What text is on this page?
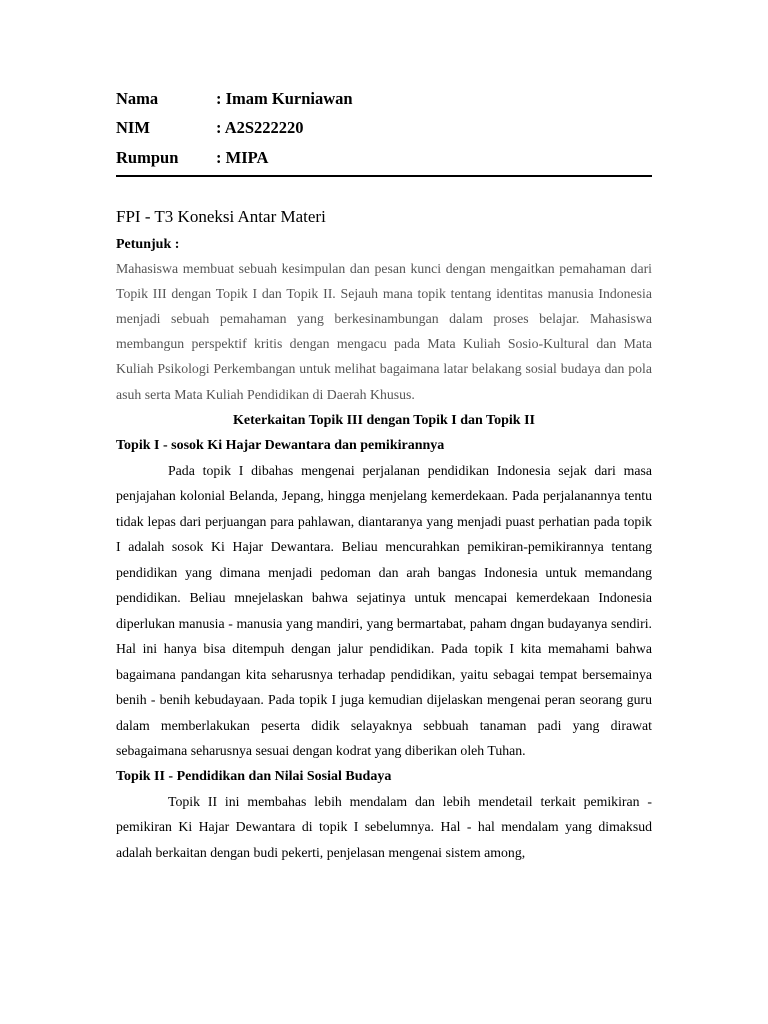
Nama	: Imam Kurniawan
NIM	: A2S222220
Rumpun	: MIPA
FPI - T3 Koneksi Antar Materi
Petunjuk :

Mahasiswa membuat sebuah kesimpulan dan pesan kunci dengan mengaitkan pemahaman dari Topik III dengan Topik I dan Topik II. Sejauh mana topik tentang identitas manusia Indonesia menjadi sebuah pemahaman yang berkesinambungan dalam proses belajar. Mahasiswa membangun perspektif kritis dengan mengacu pada Mata Kuliah Sosio-Kultural dan Mata Kuliah Psikologi Perkembangan untuk melihat bagaimana latar belakang sosial budaya dan pola asuh serta Mata Kuliah Pendidikan di Daerah Khusus.

Keterkaitan Topik III dengan Topik I dan Topik II
Topik I - sosok Ki Hajar Dewantara dan pemikirannya

Pada topik I dibahas mengenai perjalanan pendidikan Indonesia sejak dari masa penjajahan kolonial Belanda, Jepang, hingga menjelang kemerdekaan. Pada perjalanannya tentu tidak lepas dari perjuangan para pahlawan, diantaranya yang menjadi puast perhatian pada topik I adalah sosok Ki Hajar Dewantara. Beliau mencurahkan pemikiran-pemikirannya tentang pendidikan yang dimana menjadi pedoman dan arah bangas Indonesia untuk memandang pendidikan. Beliau mnejelaskan bahwa sejatinya untuk mencapai kemerdekaan Indonesia diperlukan manusia - manusia yang mandiri, yang bermartabat, paham dngan budayanya sendiri. Hal ini hanya bisa ditempuh dengan jalur pendidikan. Pada topik I kita memahami bahwa bagaimana pandangan kita seharusnya terhadap pendidikan, yaitu sebagai tempat bersemainya benih - benih kebudayaan. Pada topik I juga kemudian dijelaskan mengenai peran seorang guru dalam memberlakukan peserta didik selayaknya sebbuah tanaman padi yang dirawat sebagaimana seharusnya sesuai dengan kodrat yang diberikan oleh Tuhan.

Topik II - Pendidikan dan Nilai Sosial Budaya

Topik II ini membahas lebih mendalam dan lebih mendetail terkait pemikiran - pemikiran Ki Hajar Dewantara di topik I sebelumnya. Hal - hal mendalam yang dimaksud adalah berkaitan dengan budi pekerti, penjelasan mengenai sistem among,
